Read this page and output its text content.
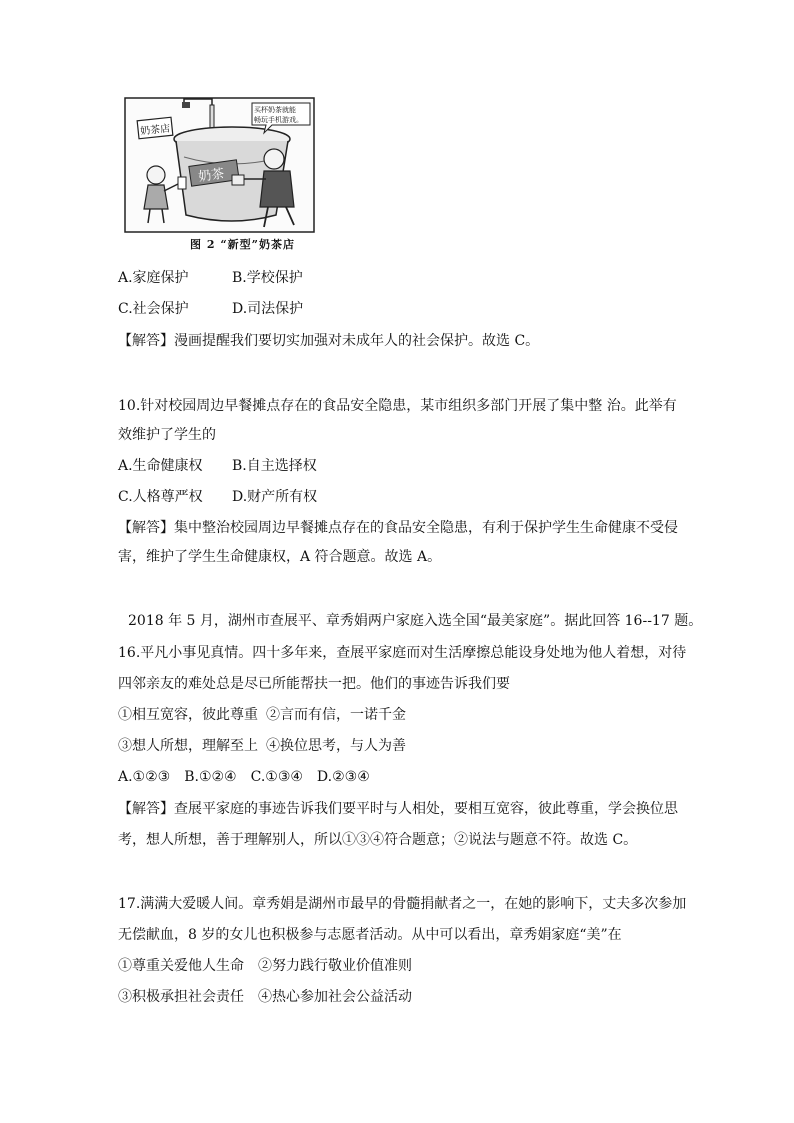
奶茶
奶茶店
买杯奶茶就能
畅玩手机游戏。
图 2 “新型”奶茶店
A.家庭保护	B.学校保护
C.社会保护	D.司法保护
【解答】漫画提醒我们要切实加强对未成年人的社会保护。故选 C。
10.针对校园周边早餐摊点存在的食品安全隐患，某市组织多部门开展了集中整 治。此举有
效维护了学生的
A.生命健康权 B.自主选择权
C.人格尊严权 D.财产所有权
【解答】集中整治校园周边早餐摊点存在的食品安全隐患，有利于保护学生生命健康不受侵
害，维护了学生生命健康权，A 符合题意。故选 A。
2018 年 5 月，湖州市查展平、章秀娟两户家庭入选全国“最美家庭”。据此回答 16--17 题。
16.平凡小事见真情。四十多年来，查展平家庭而对生活摩擦总能设身处地为他人着想，对待
四邻亲友的难处总是尽已所能帮扶一把。他们的事迹告诉我们要
①相互宽容，彼此尊重 ②言而有信，一诺千金
③想人所想，理解至上 ④换位思考，与人为善
A.①②③　B.①②④　C.①③④　D.②③④
【解答】查展平家庭的事迹告诉我们要平时与人相处，要相互宽容，彼此尊重，学会换位思
考，想人所想，善于理解别人，所以①③④符合题意；②说法与题意不符。故选 C。
17.满满大爱暖人间。章秀娟是湖州市最早的骨髓捐献者之一，在她的影响下，丈夫多次参加
无偿献血，8 岁的女儿也积极参与志愿者活动。从中可以看出，章秀娟家庭“美”在
①尊重关爱他人生命 ②努力践行敬业价值准则
③积极承担社会责任 ④热心参加社会公益活动
